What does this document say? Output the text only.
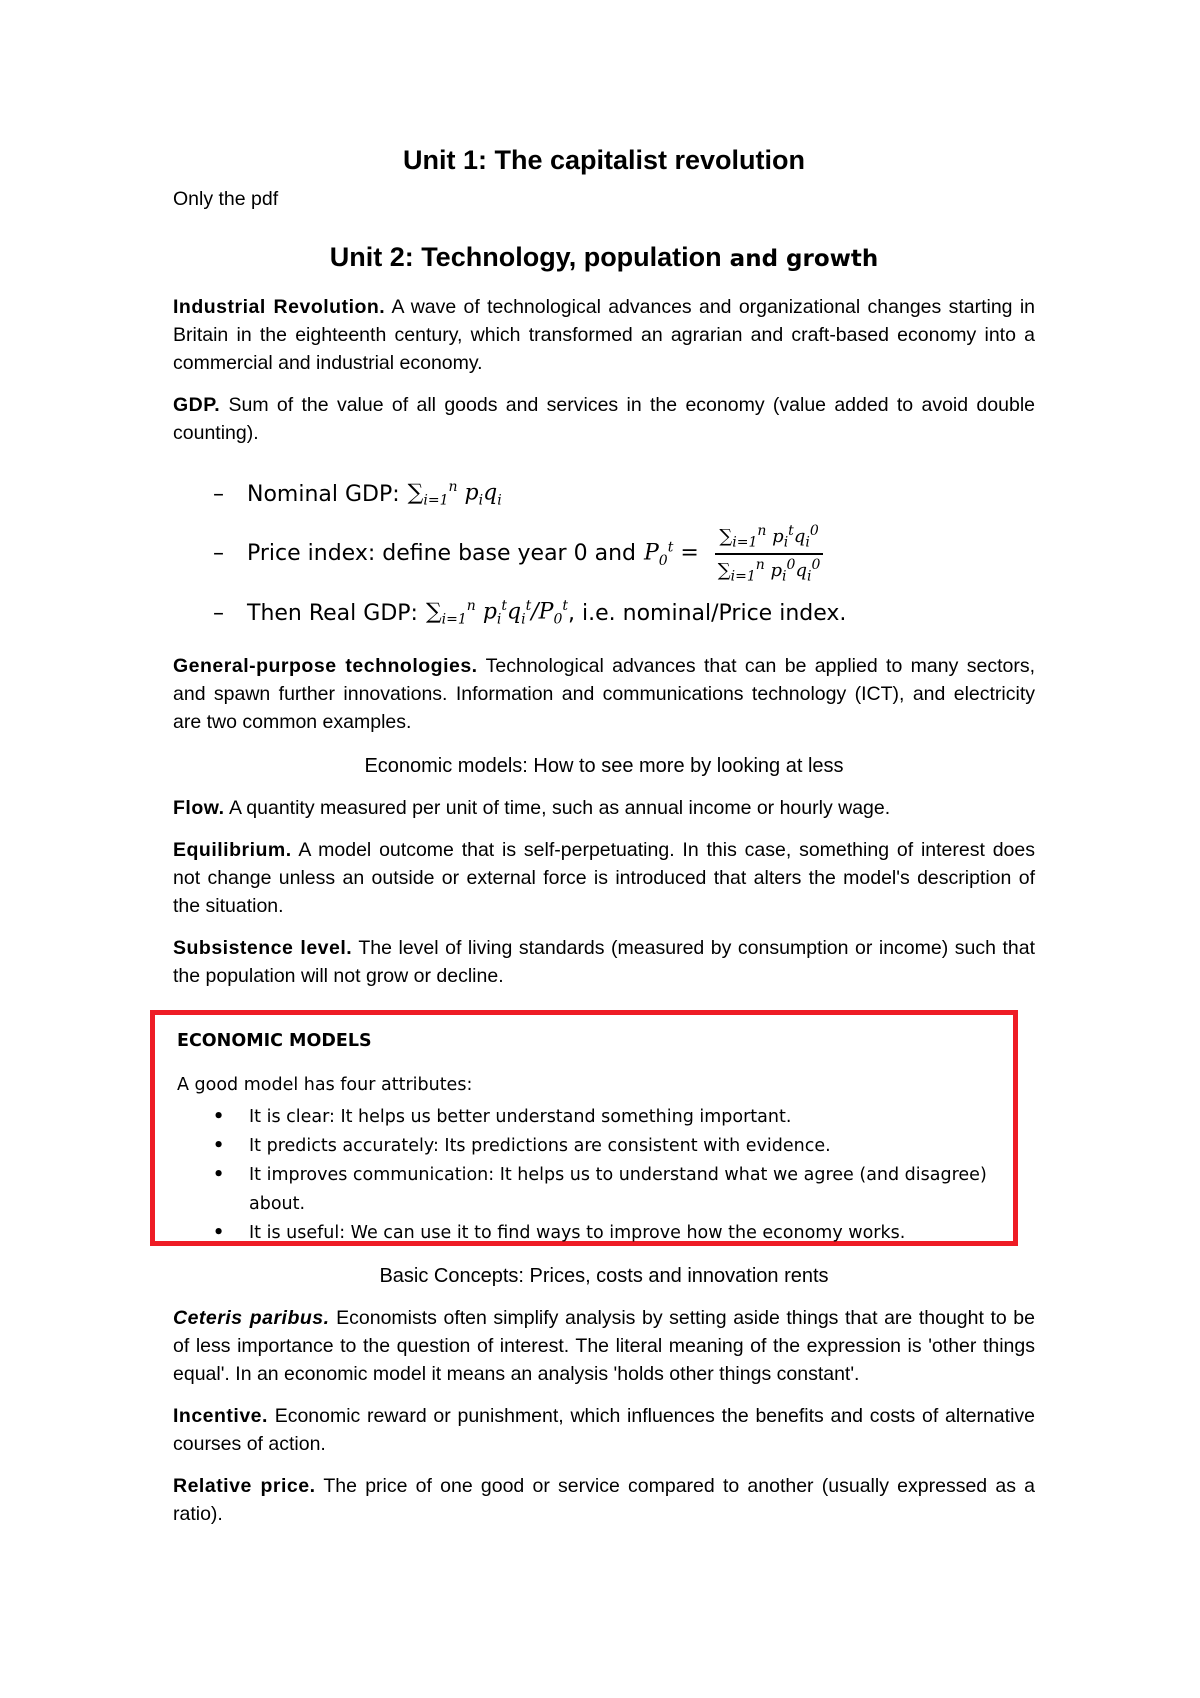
Unit 1: The capitalist revolution

Only the pdf

Unit 2: Technology, population and growth

Industrial Revolution. A wave of technological advances and organizational changes starting in Britain in the eighteenth century, which transformed an agrarian and craft-based economy into a commercial and industrial economy.

GDP. Sum of the value of all goods and services in the economy (value added to avoid double counting).

–	Nominal GDP: $\sum_{i=1}^n$ $p_iq_i$
–	Price index: define base year 0 and $P_0^t = \frac{\sum_{i=1}^n p_i^tq_i^0}{\sum_{i=1}^n p_i^0q_i^0}$
–	Then Real GDP: $\sum_{i=1}^n$ $p_i^tq_i^t/P_0^t$ , i.e. nominal/Price index.

General-purpose technologies. Technological advances that can be applied to many sectors, and spawn further innovations. Information and communications technology (ICT), and electricity are two common examples.

Economic models: How to see more by looking at less

Flow. A quantity measured per unit of time, such as annual income or hourly wage.

Equilibrium. A model outcome that is self-perpetuating. In this case, something of interest does not change unless an outside or external force is introduced that alters the model's description of the situation.

Subsistence level. The level of living standards (measured by consumption or income) such that the population will not grow or decline.

ECONOMIC MODELS
A good model has four attributes:
• It is clear: It helps us better understand something important.
• It predicts accurately: Its predictions are consistent with evidence.
• It improves communication: It helps us to understand what we agree (and disagree) about.
• It is useful: We can use it to find ways to improve how the economy works.

Basic Concepts: Prices, costs and innovation rents

Ceteris paribus. Economists often simplify analysis by setting aside things that are thought to be of less importance to the question of interest. The literal meaning of the expression is 'other things equal'. In an economic model it means an analysis 'holds other things constant'.

Incentive. Economic reward or punishment, which influences the benefits and costs of alternative courses of action.

Relative price. The price of one good or service compared to another (usually expressed as a ratio).
